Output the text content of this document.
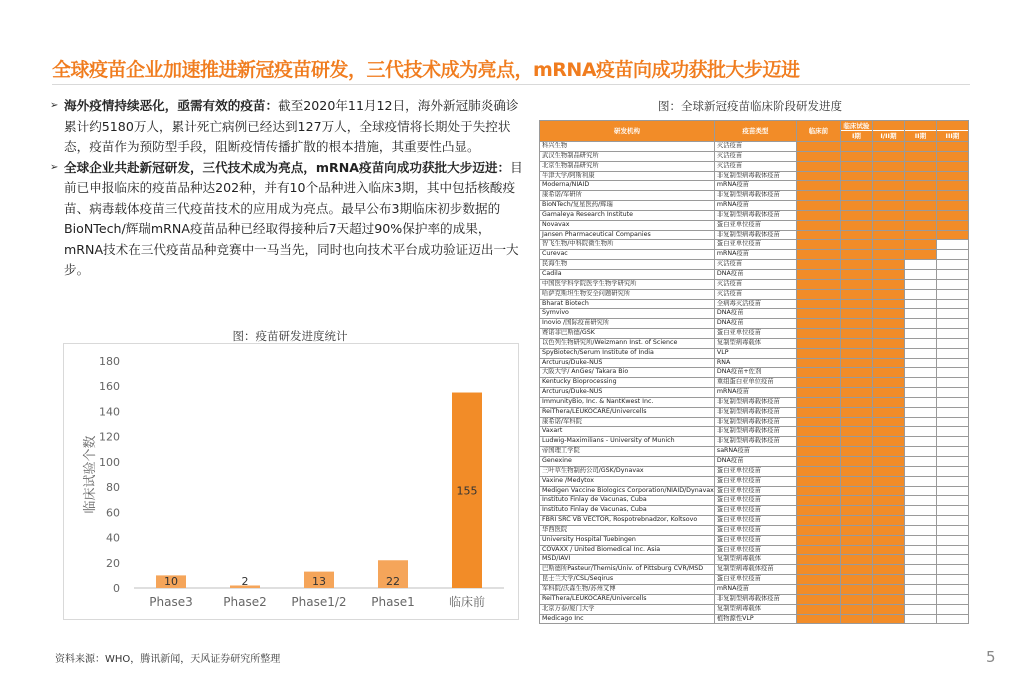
全球疫苗企业加速推进新冠疫苗研发，三代技术成为亮点，mRNA疫苗向成功获批大步迈进
➢ 海外疫情持续恶化，亟需有效的疫苗：截至2020年11月12日，海外新冠肺炎确诊累计约5180万人，累计死亡病例已经达到127万人，全球疫情将长期处于失控状态，疫苗作为预防型手段，阻断疫情传播扩散的根本措施，其重要性凸显。
➢ 全球企业共赴新冠研发，三代技术成为亮点，mRNA疫苗向成功获批大步迈进：目前已申报临床的疫苗品种达202种，并有10个品种进入临床3期，其中包括核酸疫苗、病毒载体疫苗三代疫苗技术的应用成为亮点。最早公布3期临床初步数据的BioNTech/辉瑞mRNA疫苗品种已经取得接种后7天超过90%保护率的成果，mRNA技术在三代疫苗品种竞赛中一马当先，同时也向技术平台成功验证迈出一大步。
图：疫苗研发进度统计
0
20
40
60
80
100
120
140
160
180
临床试验个数
10
Phase3
2
Phase2
13
Phase1/2
22
Phase1
155
临床前
图：全球新冠疫苗临床阶段研发进度
研发机构	疫苗类型	临床前	临床试验
I期	I/II期	II期	III期

科兴生物	灭活疫苗					
武汉生物制品研究所	灭活疫苗					
北京生物制品研究所	灭活疫苗					
牛津大学/阿斯利康	非复制型病毒载体疫苗					
Moderna/NIAID	mRNA疫苗					
康希诺/军研所	非复制型病毒载体疫苗					
BioNTech/复星医药/辉瑞	mRNA疫苗					
Gamaleya Research Institute	非复制型病毒载体疫苗					
Novavax	蛋白亚单位疫苗					
Jansen Pharmaceutical Companies	非复制型病毒载体疫苗					
智飞生物/中科院微生物所	蛋白亚单位疫苗					
Curevac	mRNA疫苗					
民海生物	灭活疫苗					
Cadila	DNA疫苗					
中国医学科学院医学生物学研究所	灭活疫苗					
哈萨克斯坦生物安全问题研究所	灭活疫苗					
Bharat Biotech	全病毒灭活疫苗					
Symvivo	DNA疫苗					
Inovio /国际疫苗研究所	DNA疫苗					
赛诺菲巴斯德/GSK	蛋白亚单位疫苗					
以色列生物研究所/Weizmann Inst. of Science	复制型病毒载体					
SpyBiotech/Serum Institute of India	VLP					
Arcturus/Duke-NUS	RNA					
大阪大学/ AnGes/ Takara Bio	DNA疫苗+佐剂					
Kentucky Bioprocessing	重组蛋白亚单位疫苗					
Arcturus/Duke-NUS	mRNA疫苗					
ImmunityBio, Inc. & NantKwest Inc.	非复制型病毒载体疫苗					
ReiThera/LEUKOCARE/Univercells	非复制型病毒载体疫苗					
康希诺/军科院	非复制型病毒载体疫苗					
Vaxart	非复制型病毒载体疫苗					
Ludwig-Maximilians - University of Munich	非复制型病毒载体疫苗					
帝国理工学院	saRNA疫苗					
Genexine	DNA疫苗					
三叶草生物制药公司/GSK/Dynavax	蛋白亚单位疫苗					
Vaxine /Medytox	蛋白亚单位疫苗					
Medigen Vaccine Biologics Corporation/NIAID/Dynavax	蛋白亚单位疫苗					
Instituto Finlay de Vacunas, Cuba	蛋白亚单位疫苗					
Instituto Finlay de Vacunas, Cuba	蛋白亚单位疫苗					
FBRI SRC VB VECTOR, Rospotrebnadzor, Koltsovo	蛋白亚单位疫苗					
华西医院	蛋白亚单位疫苗					
University Hospital Tuebingen	蛋白亚单位疫苗					
COVAXX / United Biomedical Inc. Asia	蛋白亚单位疫苗					
MSD/IAVI	复制型病毒载体					
巴斯德所Pasteur/Themis/Univ. of Pittsburg CVR/MSD	复制型病毒载体疫苗					
昆士兰大学/CSL/Seqirus	蛋白亚单位疫苗					
军科院/沃森生物/苏州艾博	mRNA疫苗					
ReiThera/LEUKOCARE/Univercells	非复制型病毒载体疫苗					
北京万泰/厦门大学	复制型病毒载体					
Medicago Inc	植物源性VLP					
资料来源：WHO，腾讯新闻，天风证券研究所整理	5
